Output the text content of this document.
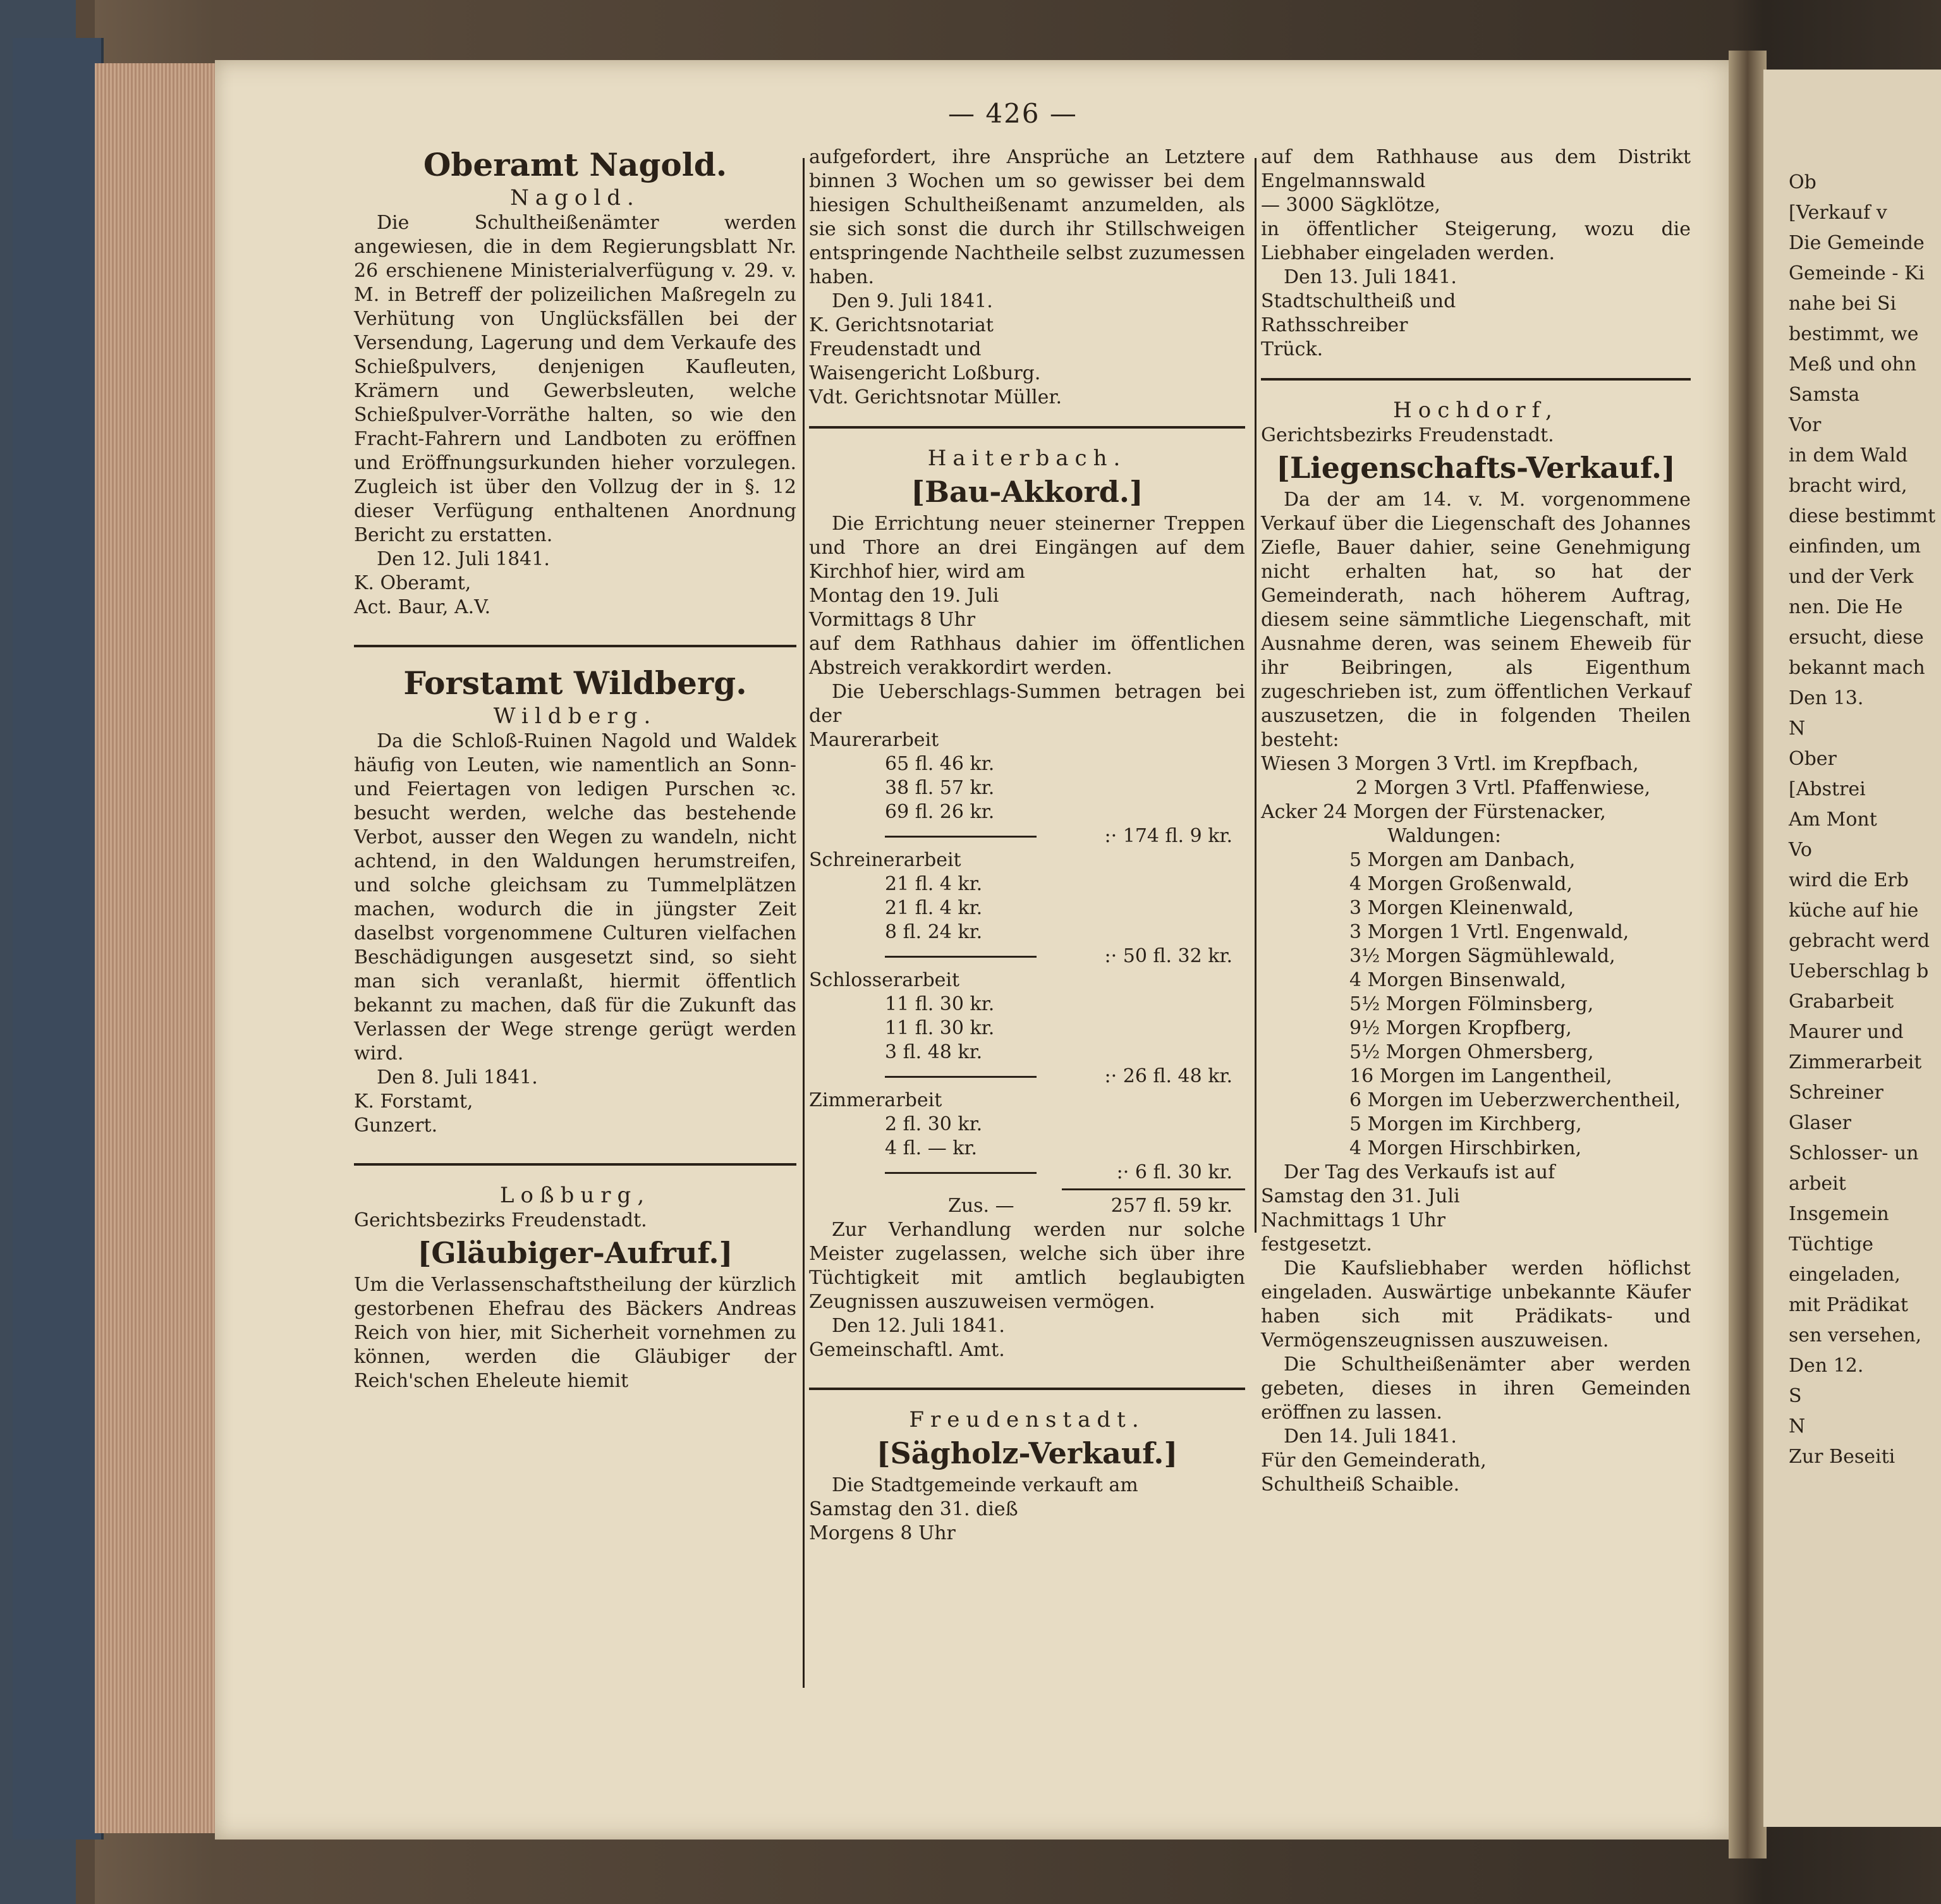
Ob
[Verkauf v
Die Gemeinde
Gemeinde - Ki
nahe bei Si
bestimmt, we
Meß und ohn
Samsta
Vor
in dem Wald
bracht wird,
diese bestimmt
einfinden, um
und der Verk
nen. Die He
ersucht, diese
bekannt mach
Den 13.
N
Ober
[Abstrei
Am Mont
Vo
wird die Erb
küche auf hie
gebracht werd
Ueberschlag b
Grabarbeit
Maurer und
Zimmerarbeit
Schreiner
Glaser
Schlosser- un
arbeit
Insgemein
Tüchtige
eingeladen,
mit Prädikat
sen versehen,
Den 12.
S
N
Zur Beseiti
— 426 —
Oberamt Nagold.
Nagold.

Die Schultheißenämter werden angewiesen, die in dem Regierungsblatt Nr. 26 erschienene Ministerialverfügung v. 29. v. M. in Betreff der polizeilichen Maßregeln zu Verhütung von Unglücksfällen bei der Versendung, Lagerung und dem Verkaufe des Schießpulvers, denjenigen Kaufleuten, Krämern und Gewerbsleuten, welche Schießpulver-Vorräthe halten, so wie den Fracht-Fahrern und Landboten zu eröffnen und Eröffnungsurkunden hieher vorzulegen. Zugleich ist über den Vollzug der in §. 12 dieser Verfügung enthaltenen Anordnung Bericht zu erstatten.

Den 12. Juli 1841.

K. Oberamt,

Act. Baur, A.V.

Forstamt Wildberg.
Wildberg.

Da die Schloß-Ruinen Nagold und Waldek häufig von Leuten, wie namentlich an Sonn- und Feiertagen von ledigen Purschen ꝛc. besucht werden, welche das bestehende Verbot, ausser den Wegen zu wandeln, nicht achtend, in den Waldungen herumstreifen, und solche gleichsam zu Tummelplätzen machen, wodurch die in jüngster Zeit daselbst vorgenommene Culturen vielfachen Beschädigungen ausgesetzt sind, so sieht man sich veranlaßt, hiermit öffentlich bekannt zu machen, daß für die Zukunft das Verlassen der Wege strenge gerügt werden wird.

Den 8. Juli 1841.

K. Forstamt,

Gunzert.

Loßburg,

Gerichtsbezirks Freudenstadt.

[Gläubiger-Aufruf.]

Um die Verlassenschaftstheilung der kürzlich gestorbenen Ehefrau des Bäckers Andreas Reich von hier, mit Sicherheit vornehmen zu können, werden die Gläubiger der Reich'schen Eheleute hiemit

aufgefordert, ihre Ansprüche an Letztere binnen 3 Wochen um so gewisser bei dem hiesigen Schultheißenamt anzumelden, als sie sich sonst die durch ihr Stillschweigen entspringende Nachtheile selbst zuzumessen haben.

Den 9. Juli 1841.

K. Gerichtsnotariat

Freudenstadt und

Waisengericht Loßburg.

Vdt. Gerichtsnotar Müller.

Haiterbach.
[Bau-Akkord.]

Die Errichtung neuer steinerner Treppen und Thore an drei Eingängen auf dem Kirchhof hier, wird am

Montag den 19. Juli

Vormittags 8 Uhr

auf dem Rathhaus dahier im öffentlichen Abstreich verakkordirt werden.

Die Ueberschlags-Summen betragen bei der

Maurerarbeit

65 fl. 46 kr.

38 fl. 57 kr.

69 fl. 26 kr.

:· 174 fl. 9 kr.

Schreinerarbeit

21 fl. 4 kr.

21 fl. 4 kr.

8 fl. 24 kr.

:· 50 fl. 32 kr.

Schlosserarbeit

11 fl. 30 kr.

11 fl. 30 kr.

3 fl. 48 kr.

:· 26 fl. 48 kr.

Zimmerarbeit

2 fl. 30 kr.

4 fl. — kr.

:· 6 fl. 30 kr.
Zus. —	257 fl. 59 kr.

Zur Verhandlung werden nur solche Meister zugelassen, welche sich über ihre Tüchtigkeit mit amtlich beglaubigten Zeugnissen auszuweisen vermögen.

Den 12. Juli 1841.

Gemeinschaftl. Amt.

Freudenstadt.
[Sägholz-Verkauf.]

Die Stadtgemeinde verkauft am

Samstag den 31. dieß

Morgens 8 Uhr

auf dem Rathhause aus dem Distrikt Engelmannswald

— 3000 Sägklötze,

in öffentlicher Steigerung, wozu die Liebhaber eingeladen werden.

Den 13. Juli 1841.

Stadtschultheiß und

Rathsschreiber

Trück.

Hochdorf,

Gerichtsbezirks Freudenstadt.

[Liegenschafts-Verkauf.]

Da der am 14. v. M. vorgenommene Verkauf über die Liegenschaft des Johannes Ziefle, Bauer dahier, seine Genehmigung nicht erhalten hat, so hat der Gemeinderath, nach höherem Auftrag, diesem seine sämmtliche Liegenschaft, mit Ausnahme deren, was seinem Eheweib für ihr Beibringen, als Eigenthum zugeschrieben ist, zum öffentlichen Verkauf auszusetzen, die in folgenden Theilen besteht:

Wiesen 3 Morgen 3 Vrtl. im Krepfbach,

2 Morgen 3 Vrtl. Pfaffenwiese,

Acker 24 Morgen der Fürstenacker,

Waldungen:

5 Morgen am Danbach,

4 Morgen Großenwald,

3 Morgen Kleinenwald,

3 Morgen 1 Vrtl. Engenwald,

3½ Morgen Sägmühlewald,

4 Morgen Binsenwald,

5½ Morgen Fölminsberg,

9½ Morgen Kropfberg,

5½ Morgen Ohmersberg,

16 Morgen im Langentheil,

6 Morgen im Ueberzwerchentheil,

5 Morgen im Kirchberg,

4 Morgen Hirschbirken,

Der Tag des Verkaufs ist auf

Samstag den 31. Juli

Nachmittags 1 Uhr

festgesetzt.

Die Kaufsliebhaber werden höflichst eingeladen. Auswärtige unbekannte Käufer haben sich mit Prädikats- und Vermögenszeugnissen auszuweisen.

Die Schultheißenämter aber werden gebeten, dieses in ihren Gemeinden eröffnen zu lassen.

Den 14. Juli 1841.

Für den Gemeinderath,

Schultheiß Schaible.
